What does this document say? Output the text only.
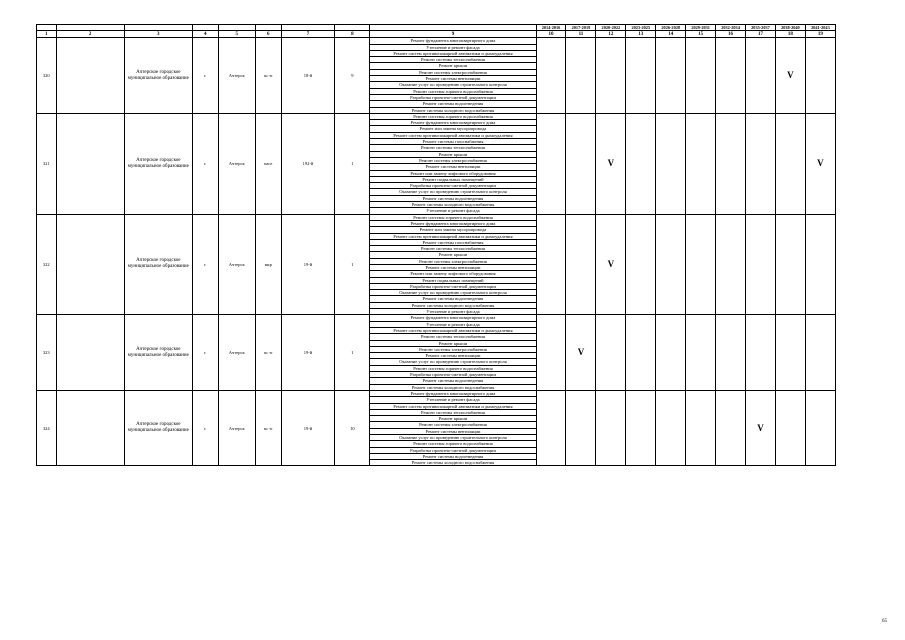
									2014-2016	2017-2019	2020-2022	2023-2025	2026-2028	2029-2031	2032-2034	2035-2037	2038-2040	2041-2043
1	2	3	4	5	6	7	8	9	10	11	12	13	14	15	16	17	18	19
320		Ачтерское городское муниципальное образование	г.	Ачтерск	ш.-п	18-й	9	Ремонт фундамента многоквартирного дома									V	
								Утепление и ремонт фасада										
								Ремонт систем противопожарной автоматики и дымоудаления										
								Ремонт системы теплоснабжения										
								Ремонт крыши										
								Ремонт системы электроснабжения										
								Ремонт системы вентиляции										
								Оказание услуг по проведению строительного контроля										
								Ремонт системы горячего водоснабжения										
								Разработка проектно-сметной документации										
								Ремонт системы водоотведения										
								Ремонт системы холодного водоснабжения										
321		Ачтерское городское муниципальное образование	г.	Ачтерск	пасе	192-й	1	Ремонт системы горячего водоснабжения			V							V
								Ремонт фундамента многоквартирного дома										
								Ремонт или замена мусоропровода										
								Ремонт систем противопожарной автоматики и дымоудаления										
								Ремонт системы газоснабжения										
								Ремонт системы теплоснабжения										
								Ремонт крыши										
								Ремонт системы электроснабжения										
								Ремонт системы вентиляции										
								Ремонт или замену лифтового оборудования										
								Ремонт подвальных помещений										
								Разработка проектно-сметной документации										
								Оказание услуг по проведению строительного контроля										
								Ремонт системы водоотведения										
								Ремонт системы холодного водоснабжения										
								Утепление и ремонт фасада										
322		Ачтерское городское муниципальное образование	г.	Ачтерск	мкр	19-й	1	Ремонт системы горячего водоснабжения			V							
								Ремонт фундамента многоквартирного дома										
								Ремонт или замена мусоропровода										
								Ремонт систем противопожарной автоматики и дымоудаления										
								Ремонт системы газоснабжения										
								Ремонт системы теплоснабжения										
								Ремонт крыши										
								Ремонт системы электроснабжения										
								Ремонт системы вентиляции										
								Ремонт или замену лифтового оборудования										
								Ремонт подвальных помещений										
								Разработка проектно-сметной документации										
								Оказание услуг по проведению строительного контроля										
								Ремонт системы водоотведения										
								Ремонт системы холодного водоснабжения										
								Утепление и ремонт фасада										
323		Ачтерское городское муниципальное образование	г.	Ачтерск	ш.-п	19-й	1	Ремонт фундамента многоквартирного дома		V								
								Утепление и ремонт фасада										
								Ремонт систем противопожарной автоматики и дымоудаления										
								Ремонт системы теплоснабжения										
								Ремонт крыши										
								Ремонт системы электроснабжения										
								Ремонт системы вентиляции										
								Оказание услуг по проведению строительного контроля										
								Ремонт системы горячего водоснабжения										
								Разработка проектно-сметной документации										
								Ремонт системы водоотведения										
								Ремонт системы холодного водоснабжения										
324		Ачтерское городское муниципальное образование	г.	Ачтерск	ш.-п	19-й	10	Ремонт фундамента многоквартирного дома								V		
								Утепление и ремонт фасада										
								Ремонт систем противопожарной автоматики и дымоудаления										
								Ремонт системы теплоснабжения										
								Ремонт крыши										
								Ремонт системы электроснабжения										
								Ремонт системы вентиляции										
								Оказание услуг по проведению строительного контроля										
								Ремонт системы горячего водоснабжения										
								Разработка проектно-сметной документации										
								Ремонт системы водоотведения										
								Ремонт системы холодного водоснабжения										
65
